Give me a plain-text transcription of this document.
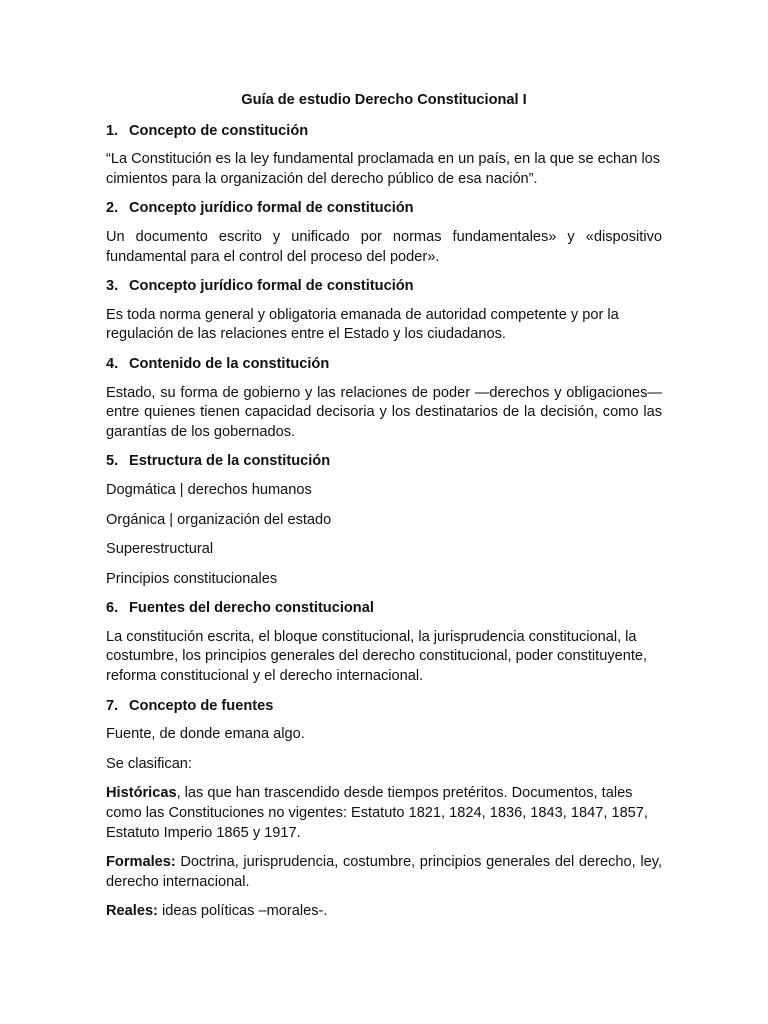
Guía de estudio Derecho Constitucional I
1. Concepto de constitución

“La Constitución es la ley fundamental proclamada en un país, en la que se echan los cimientos para la organización del derecho público de esa nación”.

2. Concepto jurídico formal de constitución

Un documento escrito y unificado por normas fundamentales» y «dispositivo fundamental para el control del proceso del poder».

3. Concepto jurídico formal de constitución

Es toda norma general y obligatoria emanada de autoridad competente y por la regulación de las relaciones entre el Estado y los ciudadanos.

4. Contenido de la constitución

Estado, su forma de gobierno y las relaciones de poder —derechos y obligaciones— entre quienes tienen capacidad decisoria y los destinatarios de la decisión, como las garantías de los gobernados.

5. Estructura de la constitución

Dogmática | derechos humanos

Orgánica | organización del estado

Superestructural

Principios constitucionales

6. Fuentes del derecho constitucional

La constitución escrita, el bloque constitucional, la jurisprudencia constitucional, la costumbre, los principios generales del derecho constitucional, poder constituyente, reforma constitucional y el derecho internacional.

7. Concepto de fuentes

Fuente, de donde emana algo.

Se clasifican:

Históricas, las que han trascendido desde tiempos pretéritos. Documentos, tales como las Constituciones no vigentes: Estatuto 1821, 1824, 1836, 1843, 1847, 1857, Estatuto Imperio 1865 y 1917.

Formales: Doctrina, jurisprudencia, costumbre, principios generales del derecho, ley, derecho internacional.

Reales: ideas políticas –morales-.
